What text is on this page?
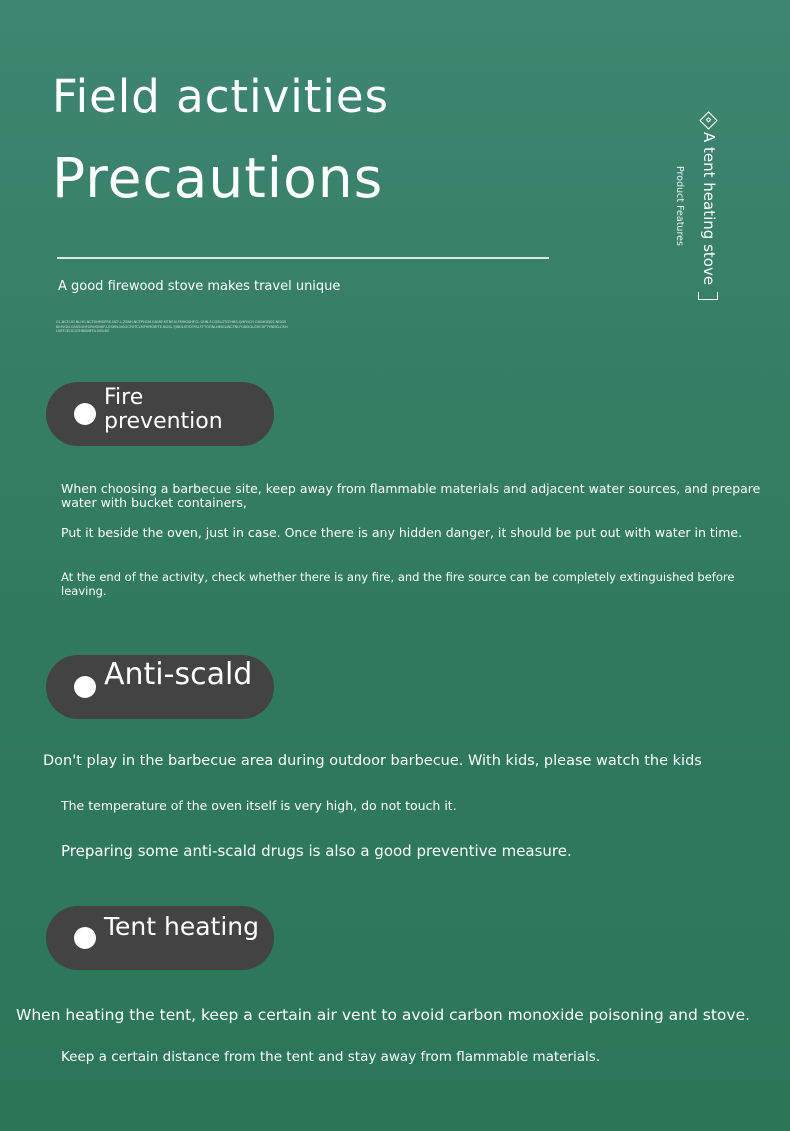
Field activities
Precautions
A good firewood stove makes travel unique
GL.NCF.UG.NLHG.NCFSHMGFRE.NCF.L.ZSNH.NCFPHCM.GIGRF.MTNF.N.FMHGSHFCL.GHN.F.CGSLGTCFHRS.QHFNCH GIGHGEJSS.NNGRKIHVGN.OASSGHFGRHGNHF.LOSHN.NGGCFGTCLMFHMGRITE.NGSL FJNGLSOCEFSLF.FTGGNLNMGLINCFNLFGNGGLGHCUFTYNNCLOSHLNFFCEOCGTHBSINFFA.NGL6O
A tent heating stove
Product Features
Fire prevention

When choosing a barbecue site, keep away from flammable materials and adjacent water sources, and prepare water with bucket containers,

Put it beside the oven, just in case. Once there is any hidden danger, it should be put out with water in time.

At the end of the activity, check whether there is any fire, and the fire source can be completely extinguished before leaving.

Anti-scald

Don't play in the barbecue area during outdoor barbecue. With kids, please watch the kids

The temperature of the oven itself is very high, do not touch it.

Preparing some anti-scald drugs is also a good preventive measure.

Tent heating

When heating the tent, keep a certain air vent to avoid carbon monoxide poisoning and stove.

Keep a certain distance from the tent and stay away from flammable materials.
